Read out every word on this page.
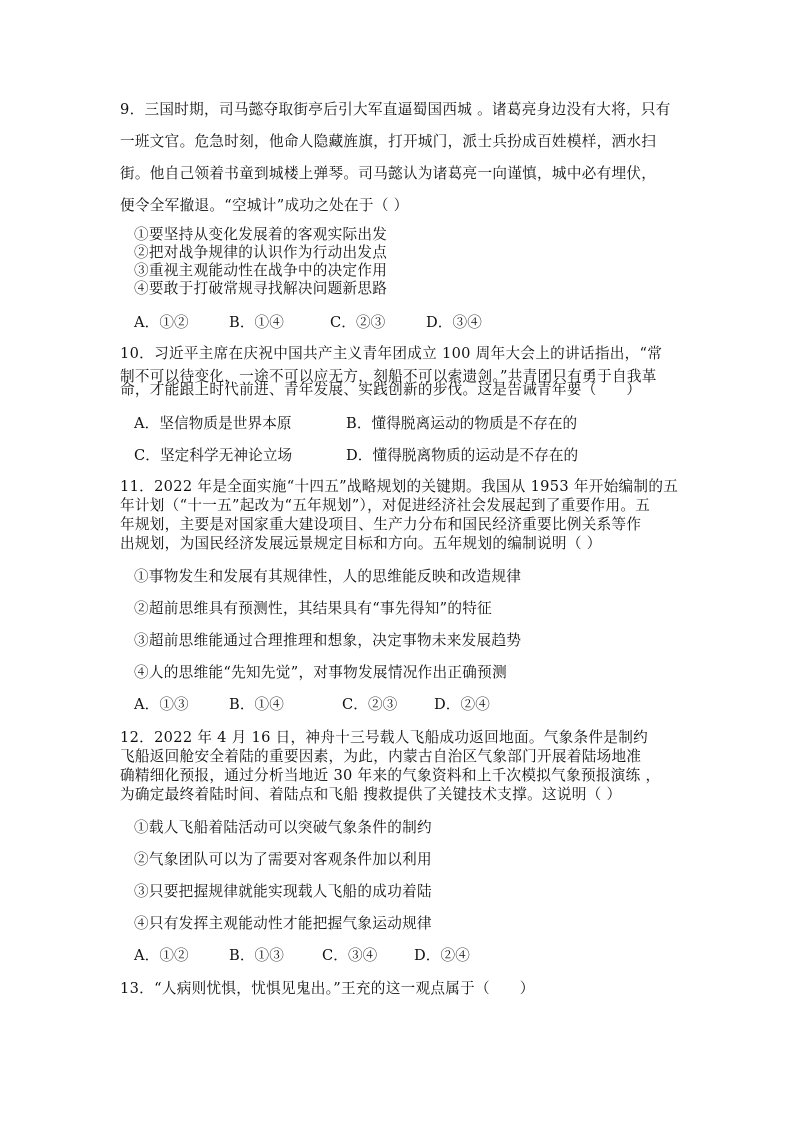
9．三国时期，司马懿夺取街亭后引大军直逼蜀国西城 。诸葛亮身边没有大将，只有
一班文官。危急时刻，他命人隐藏旌旗，打开城门，派士兵扮成百姓模样，洒水扫
街。他自己领着书童到城楼上弹琴。司马懿认为诸葛亮一向谨慎，城中必有埋伏，
便令全军撤退。“空城计”成功之处在于（ ）
①要坚持从变化发展着的客观实际出发
②把对战争规律的认识作为行动出发点
③重视主观能动性在战争中的决定作用
④要敢于打破常规寻找解决问题新思路
A．①②	B．①④	C．②③	D．③④
10．习近平主席在庆祝中国共产主义青年团成立 100 周年大会上的讲话指出，“常
制不可以待变化，一途不可以应无方，刻船不可以索遗剑。”共青团只有勇于自我革
命，才能跟上时代前进、青年发展、实践创新的步伐。这是告诫青年要（　　）
A．坚信物质是世界本原	B．懂得脱离运动的物质是不存在的
C．坚定科学无神论立场	D．懂得脱离物质的运动是不存在的
11．2022 年是全面实施“十四五”战略规划的关键期。我国从 1953 年开始编制的五
年计划（“十一五”起改为“五年规划”），对促进经济社会发展起到了重要作用。五
年规划，主要是对国家重大建设项目、生产力分布和国民经济重要比例关系等作
出规划，为国民经济发展远景规定目标和方向。五年规划的编制说明（ ）
①事物发生和发展有其规律性，人的思维能反映和改造规律
②超前思维具有预测性，其结果具有“事先得知”的特征
③超前思维能通过合理推理和想象，决定事物未来发展趋势
④人的思维能“先知先觉”，对事物发展情况作出正确预测
A．①③	B．①④	C．②③	D．②④
12．2022 年 4 月 16 日，神舟十三号载人飞船成功返回地面。气象条件是制约
飞船返回舱安全着陆的重要因素，为此，内蒙古自治区气象部门开展着陆场地准
确精细化预报，通过分析当地近 30 年来的气象资料和上千次模拟气象预报演练 ，
为确定最终着陆时间、着陆点和飞船 搜救提供了关键技术支撑。这说明（ ）
①载人飞船着陆活动可以突破气象条件的制约
②气象团队可以为了需要对客观条件加以利用
③只要把握规律就能实现载人飞船的成功着陆
④只有发挥主观能动性才能把握气象运动规律
A．①②	B．①③	C．③④	D．②④
13．“人病则忧惧，忧惧见鬼出。”王充的这一观点属于（　　）
